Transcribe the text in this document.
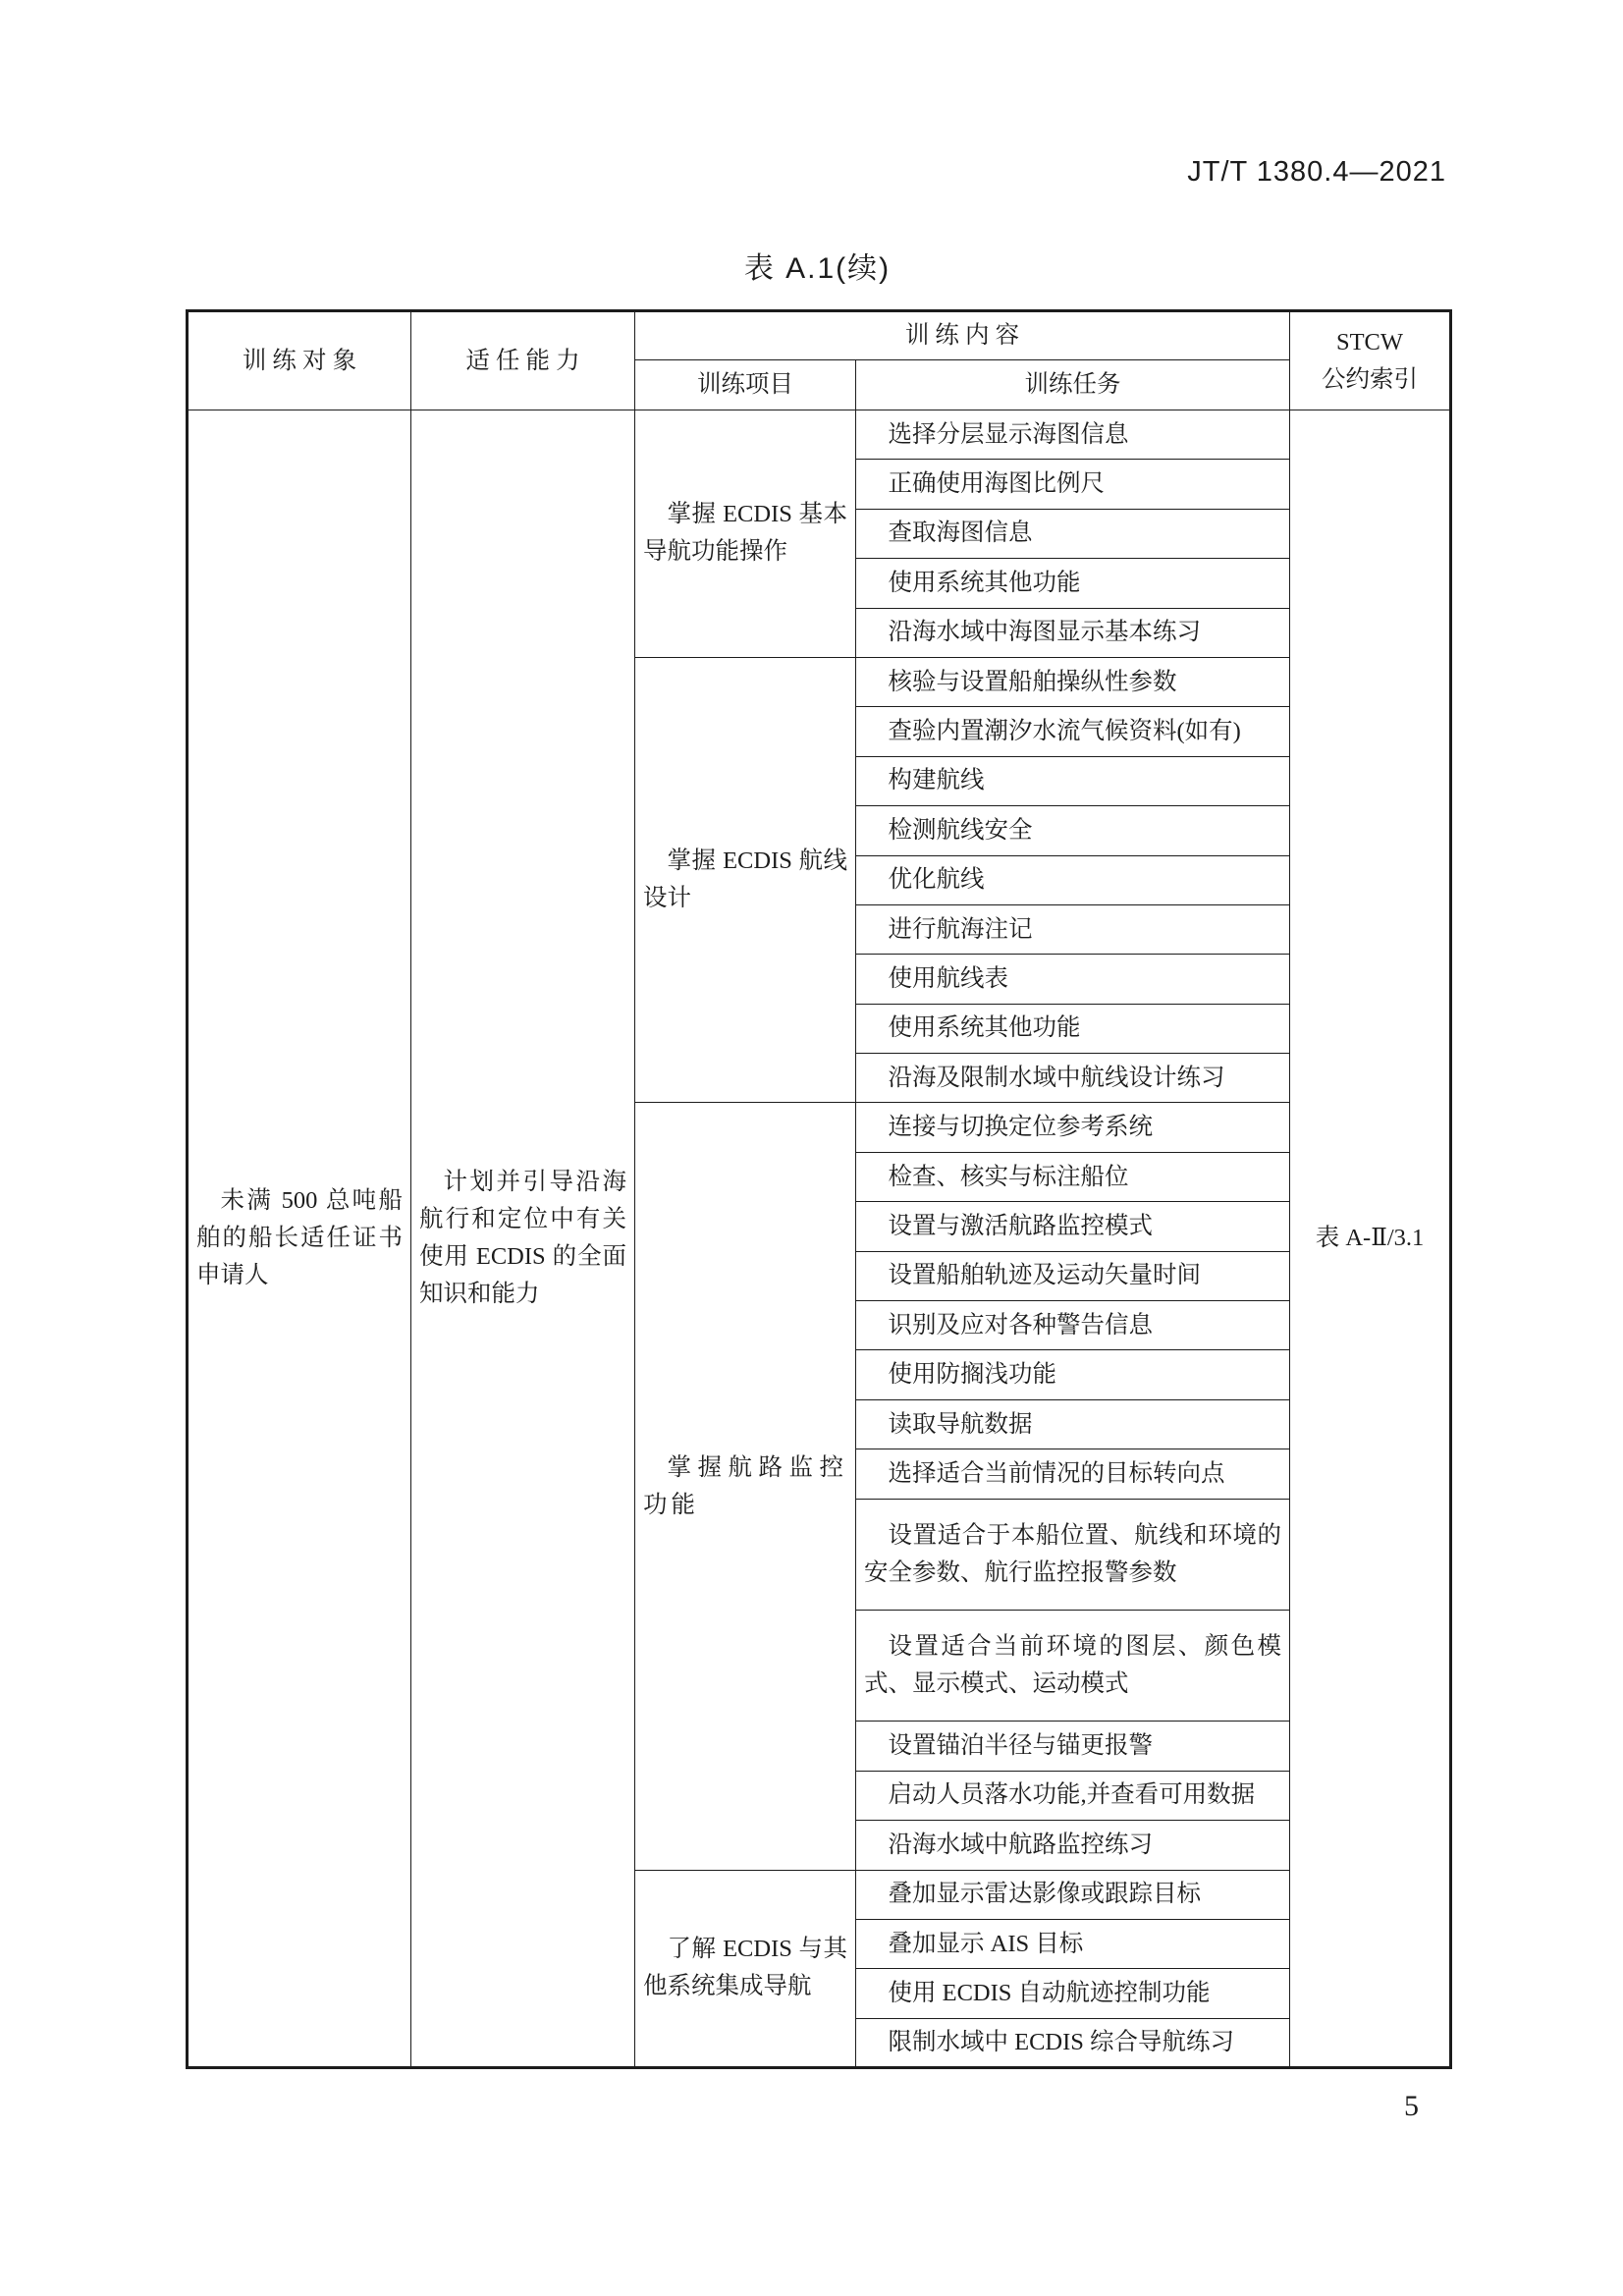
JT/T 1380.4—2021
表 A.1(续)
训 练 对 象	适 任 能 力	训 练 内 容		STCW
公约索引

		训练项目	训练任务	
未满 500 总吨船舶的船长适任证书申请人	计划并引导沿海航行和定位中有关使用 ECDIS 的全面知识和能力	掌握 ECDIS 基本导航功能操作	选择分层显示海图信息	表 A-Ⅱ/3.1
			正确使用海图比例尺	
			查取海图信息	
			使用系统其他功能	
			沿海水域中海图显示基本练习	
		掌握 ECDIS 航线设计	核验与设置船舶操纵性参数	
			查验内置潮汐水流气候资料(如有)	
			构建航线	
			检测航线安全	
			优化航线	
			进行航海注记	
			使用航线表	
			使用系统其他功能	
			沿海及限制水域中航线设计练习	
		掌握航路监控功能	连接与切换定位参考系统	
			检查、核实与标注船位	
			设置与激活航路监控模式	
			设置船舶轨迹及运动矢量时间	
			识别及应对各种警告信息	
			使用防搁浅功能	
			读取导航数据	
			选择适合当前情况的目标转向点	
			设置适合于本船位置、航线和环境的安全参数、航行监控报警参数	
			设置适合当前环境的图层、颜色模式、显示模式、运动模式	
			设置锚泊半径与锚更报警	
			启动人员落水功能,并查看可用数据	
			沿海水域中航路监控练习	
		了解 ECDIS 与其他系统集成导航	叠加显示雷达影像或跟踪目标	
			叠加显示 AIS 目标	
			使用 ECDIS 自动航迹控制功能	
			限制水域中 ECDIS 综合导航练习	
5
